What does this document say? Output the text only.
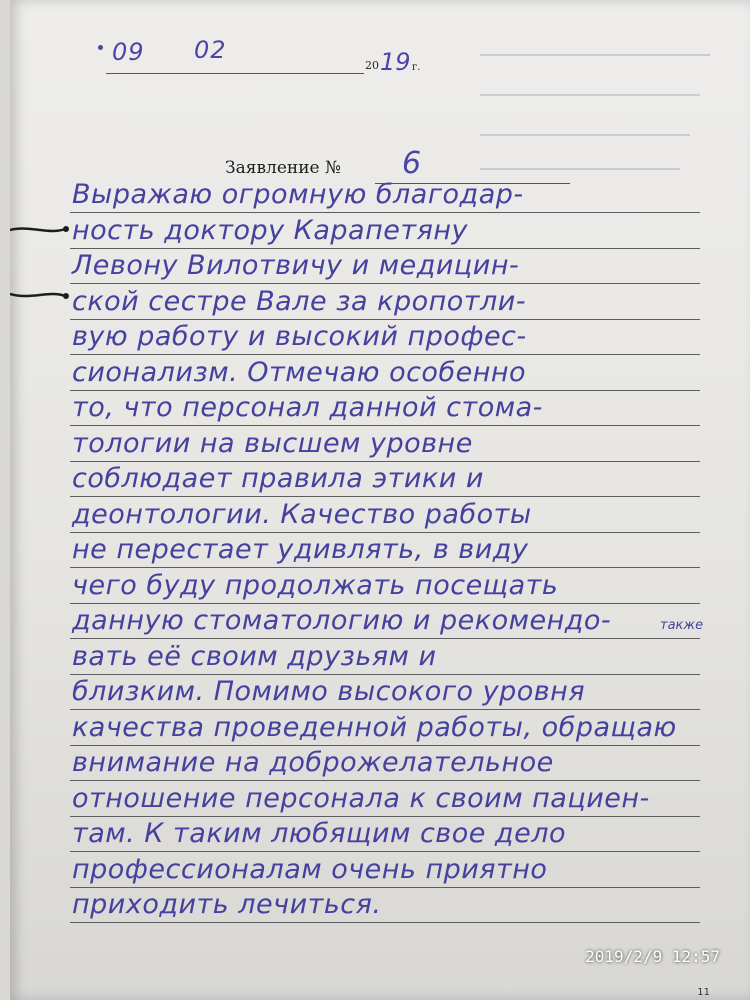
09 02
20 19 г.
Заявление № 6
Выражаю огромную благодар-
ность доктору Карапетяну
Левону Вилотвичу и медицин-
ской сестре Вале за кропотли-
вую работу и высокий профес-
сионализм. Отмечаю особенно
то, что персонал данной стома-
тологии на высшем уровне
соблюдает правила этики и
деонтологии. Качество работы
не перестает удивлять, в виду
чего буду продолжать посещать
данную стоматологию и рекомендо-
вать её своим друзьям и
близким. Помимо высокого уровня
качества проведенной работы, обращаю
внимание на доброжелательное
отношение персонала к своим пациен-
там. К таким любящим свое дело
профессионалам очень приятно
приходить лечиться.
также
2019/2/9 12:57
11
